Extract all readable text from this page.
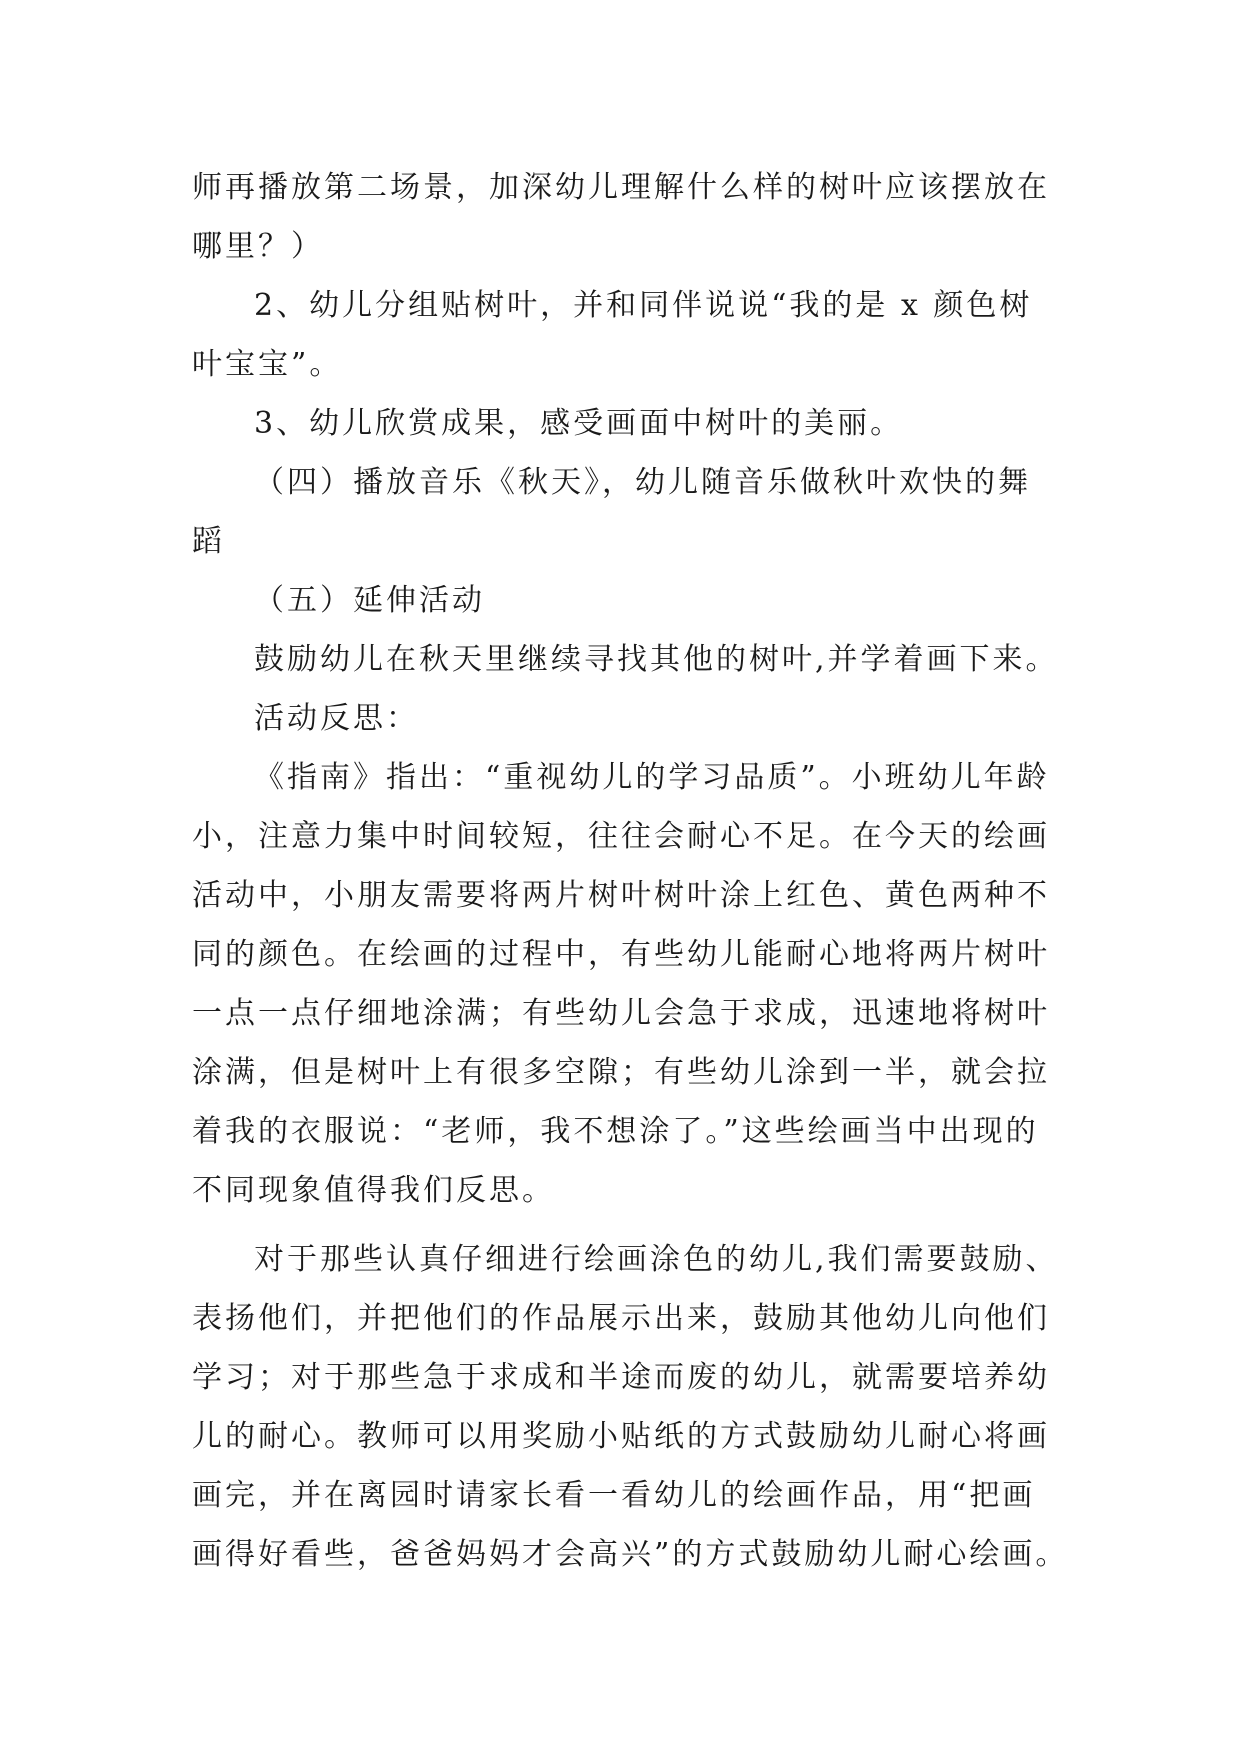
师再播放第二场景，加深幼儿理解什么样的树叶应该摆放在
哪里？）
2、幼儿分组贴树叶，并和同伴说说“我的是 x 颜色树
叶宝宝”。
3、幼儿欣赏成果，感受画面中树叶的美丽。
（四）播放音乐《秋天》，幼儿随音乐做秋叶欢快的舞
蹈
（五）延伸活动
鼓励幼儿在秋天里继续寻找其他的树叶,并学着画下来。
活动反思：
《指南》指出：“重视幼儿的学习品质”。小班幼儿年龄
小，注意力集中时间较短，往往会耐心不足。在今天的绘画
活动中，小朋友需要将两片树叶树叶涂上红色、黄色两种不
同的颜色。在绘画的过程中，有些幼儿能耐心地将两片树叶
一点一点仔细地涂满；有些幼儿会急于求成，迅速地将树叶
涂满，但是树叶上有很多空隙；有些幼儿涂到一半，就会拉
着我的衣服说：“老师，我不想涂了。”这些绘画当中出现的
不同现象值得我们反思。
对于那些认真仔细进行绘画涂色的幼儿,我们需要鼓励、
表扬他们，并把他们的作品展示出来，鼓励其他幼儿向他们
学习；对于那些急于求成和半途而废的幼儿，就需要培养幼
儿的耐心。教师可以用奖励小贴纸的方式鼓励幼儿耐心将画
画完，并在离园时请家长看一看幼儿的绘画作品，用“把画
画得好看些，爸爸妈妈才会高兴”的方式鼓励幼儿耐心绘画。
